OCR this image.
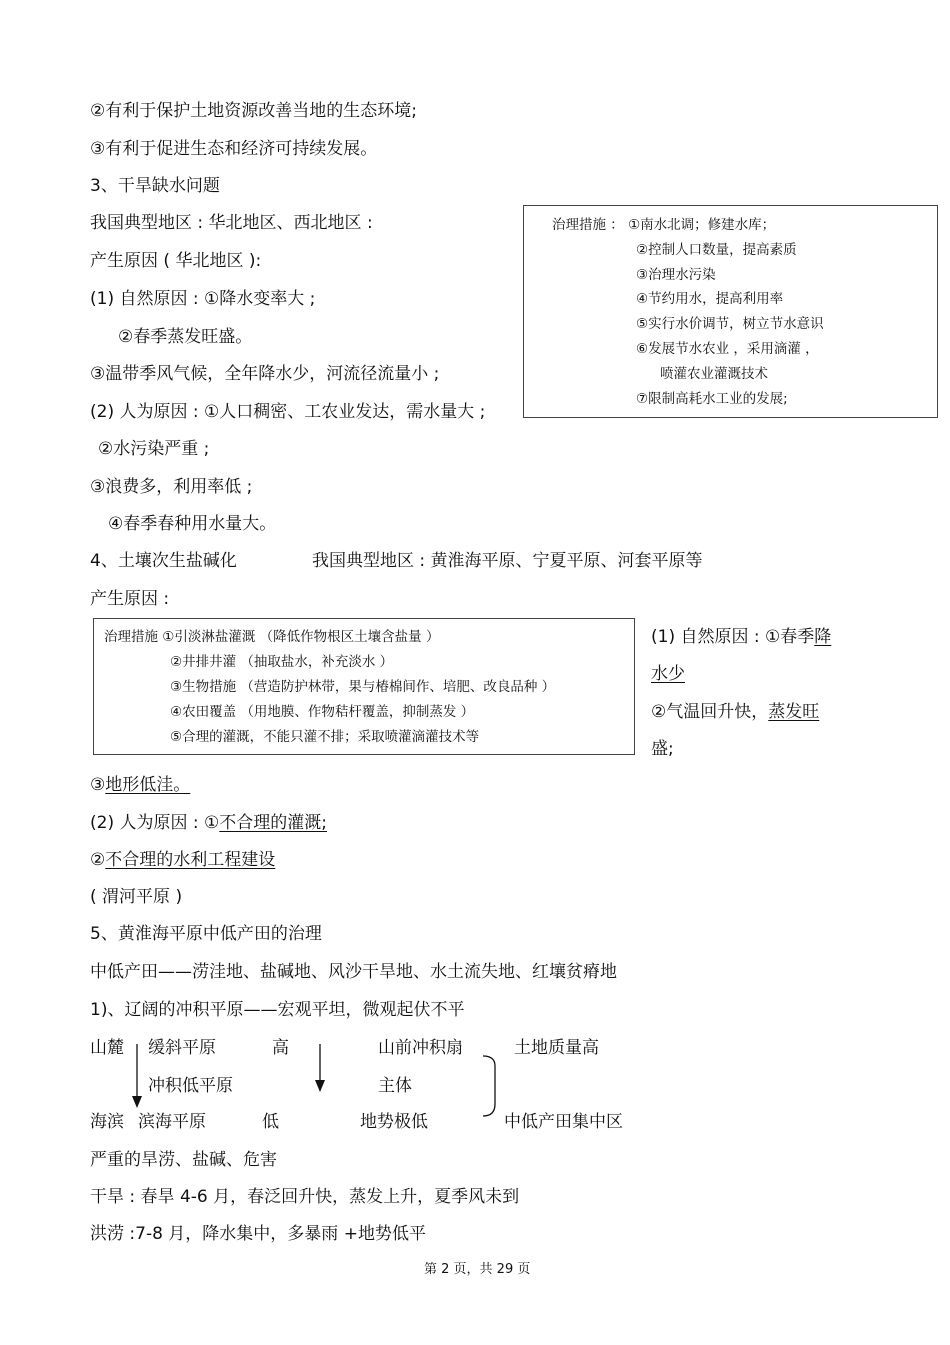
②有利于保护土地资源改善当地的生态环境;
③有利于促进生态和经济可持续发展。
3、干旱缺水问题
我国典型地区 : 华北地区、西北地区 :
产生原因 ( 华北地区 ):
(1) 自然原因 : ①降水变率大 ;
②春季蒸发旺盛。
③温带季风气候，全年降水少，河流径流量小 ;
(2) 人为原因 : ①人口稠密、工农业发达，需水量大 ;
②水污染严重 ;
③浪费多，利用率低 ;
④春季春种用水量大。
4、土壤次生盐碱化	我国典型地区 : 黄淮海平原、宁夏平原、河套平原等
产生原因 :
治理措施 ： ①南水北调；修建水库；
②控制人口数量，提高素质
③治理水污染
④节约用水，提高利用率
⑤实行水价调节，树立节水意识
⑥发展节水农业 ，采用滴灌 ，
喷灌农业灌溉技术
⑦限制高耗水工业的发展;
治理措施 ①引淡淋盐灌溉 （降低作物根区土壤含盐量 ）
②井排井灌 （抽取盐水，补充淡水 ）
③生物措施 （营造防护林带，果与椿棉间作、培肥、改良品种 ）
④农田覆盖 （用地膜、作物秸杆覆盖，抑制蒸发 ）
⑤合理的灌溉，不能只灌不排；采取喷灌滴灌技术等
(1) 自然原因 : ①春季降
水少
②气温回升快，蒸发旺
盛;
③地形低洼。
(2) 人为原因 : ①不合理的灌溉;
②不合理的水利工程建设
( 渭河平原 )
5、黄淮海平原中低产田的治理
中低产田——涝洼地、盐碱地、风沙干旱地、水土流失地、红壤贫瘠地
1)、辽阔的冲积平原——宏观平坦，微观起伏不平
山麓 缓斜平原	高	山前冲积扇	土地质量高
冲积低平原	主体
海滨 滨海平原	低	地势极低	中低产田集中区
严重的旱涝、盐碱、危害
干旱 : 春旱 4-6 月，春泛回升快，蒸发上升，夏季风未到
洪涝 :7-8 月，降水集中，多暴雨 +地势低平
第 2 页，共 29 页
